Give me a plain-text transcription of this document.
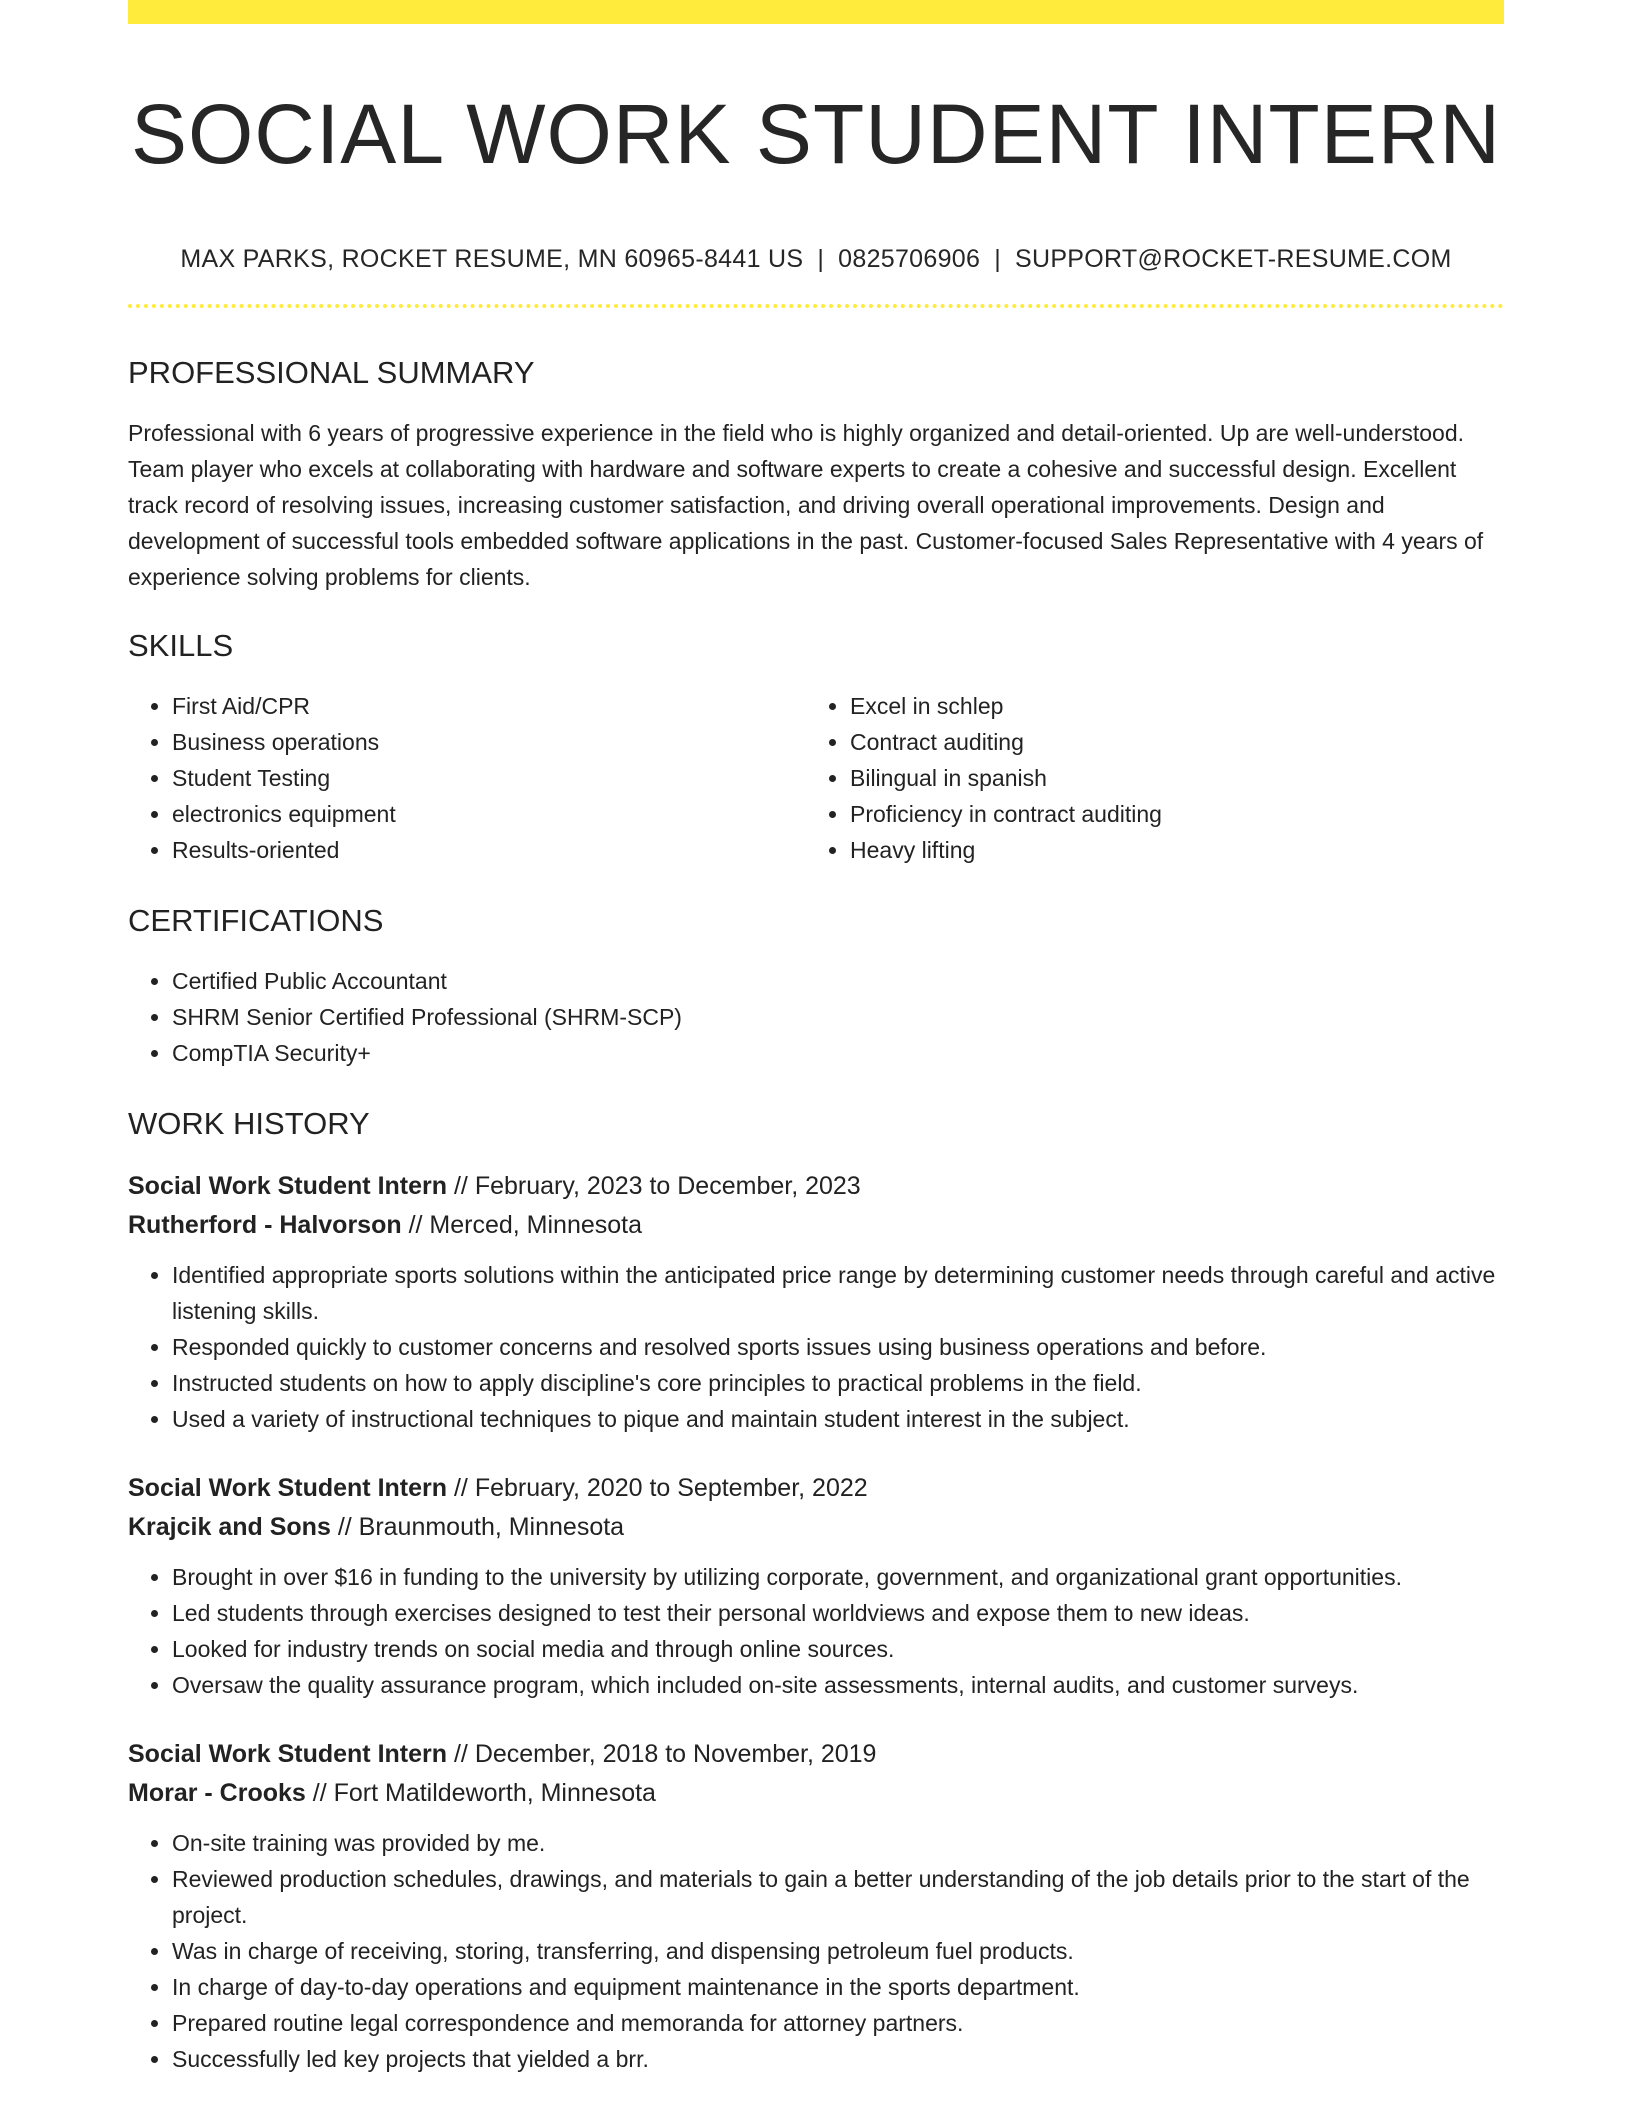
SOCIAL WORK STUDENT INTERN
MAX PARKS, ROCKET RESUME, MN 60965-8441 US | 0825706906 | SUPPORT@ROCKET-RESUME.COM
PROFESSIONAL SUMMARY

Professional with 6 years of progressive experience in the field who is highly organized and detail-oriented. Up are well-understood. Team player who excels at collaborating with hardware and software experts to create a cohesive and successful design. Excellent track record of resolving issues, increasing customer satisfaction, and driving overall operational improvements. Design and development of successful tools embedded software applications in the past. Customer-focused Sales Representative with 4 years of experience solving problems for clients.

SKILLS
• First Aid/CPR
• Business operations
• Student Testing
• electronics equipment
• Results-oriented
• Excel in schlep
• Contract auditing
• Bilingual in spanish
• Proficiency in contract auditing
• Heavy lifting
CERTIFICATIONS
• Certified Public Accountant
• SHRM Senior Certified Professional (SHRM-SCP)
• CompTIA Security+
WORK HISTORY
Social Work Student Intern // February, 2023 to December, 2023
Rutherford - Halvorson // Merced, Minnesota
• Identified appropriate sports solutions within the anticipated price range by determining customer needs through careful and active listening skills.
• Responded quickly to customer concerns and resolved sports issues using business operations and before.
• Instructed students on how to apply discipline's core principles to practical problems in the field.
• Used a variety of instructional techniques to pique and maintain student interest in the subject.
Social Work Student Intern // February, 2020 to September, 2022
Krajcik and Sons // Braunmouth, Minnesota
• Brought in over $16 in funding to the university by utilizing corporate, government, and organizational grant opportunities.
• Led students through exercises designed to test their personal worldviews and expose them to new ideas.
• Looked for industry trends on social media and through online sources.
• Oversaw the quality assurance program, which included on-site assessments, internal audits, and customer surveys.
Social Work Student Intern // December, 2018 to November, 2019
Morar - Crooks // Fort Matildeworth, Minnesota
• On-site training was provided by me.
• Reviewed production schedules, drawings, and materials to gain a better understanding of the job details prior to the start of the project.
• Was in charge of receiving, storing, transferring, and dispensing petroleum fuel products.
• In charge of day-to-day operations and equipment maintenance in the sports department.
• Prepared routine legal correspondence and memoranda for attorney partners.
• Successfully led key projects that yielded a brr.
